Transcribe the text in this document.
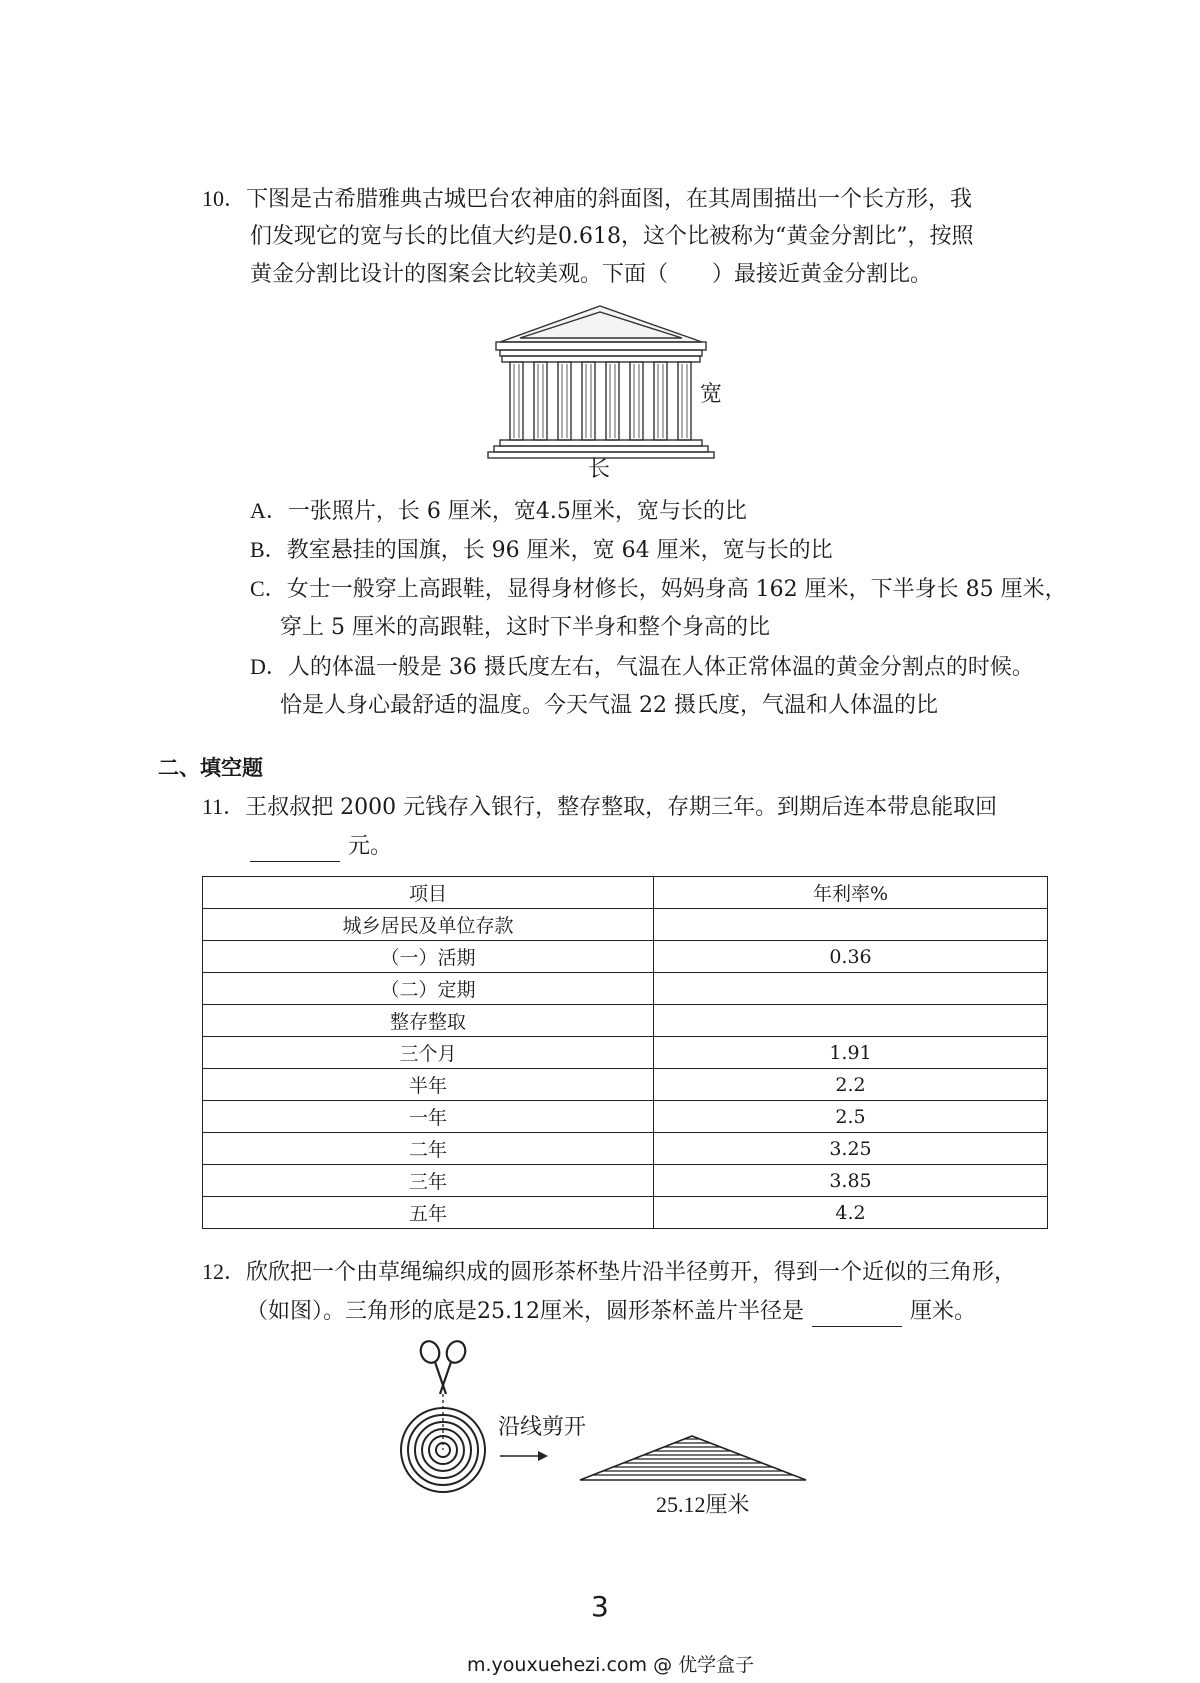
10．下图是古希腊雅典古城巴台农神庙的斜面图，在其周围描出一个长方形，我
们发现它的宽与长的比值大约是0.618，这个比被称为“黄金分割比”，按照
黄金分割比设计的图案会比较美观。下面（　　）最接近黄金分割比。
宽
长
A．一张照片，长 6 厘米，宽4.5厘米，宽与长的比
B．教室悬挂的国旗，长 96 厘米，宽 64 厘米，宽与长的比
C．女士一般穿上高跟鞋，显得身材修长，妈妈身高 162 厘米，下半身长 85 厘米，
穿上 5 厘米的高跟鞋，这时下半身和整个身高的比
D．人的体温一般是 36 摄氏度左右，气温在人体正常体温的黄金分割点的时候。
恰是人身心最舒适的温度。今天气温 22 摄氏度，气温和人体温的比
二、填空题
11．王叔叔把 2000 元钱存入银行，整存整取，存期三年。到期后连本带息能取回
元。
项目	年利率%
城乡居民及单位存款	
（一）活期	0.36
（二）定期	
整存整取	
三个月	1.91
半年	2.2
一年	2.5
二年	3.25
三年	3.85
五年	4.2
12．欣欣把一个由草绳编织成的圆形茶杯垫片沿半径剪开，得到一个近似的三角形，
（如图）。三角形的底是25.12厘米，圆形茶杯盖片半径是	厘米。
沿线剪开
25.12厘米
3
m.youxuehezi.com @ 优学盒子
